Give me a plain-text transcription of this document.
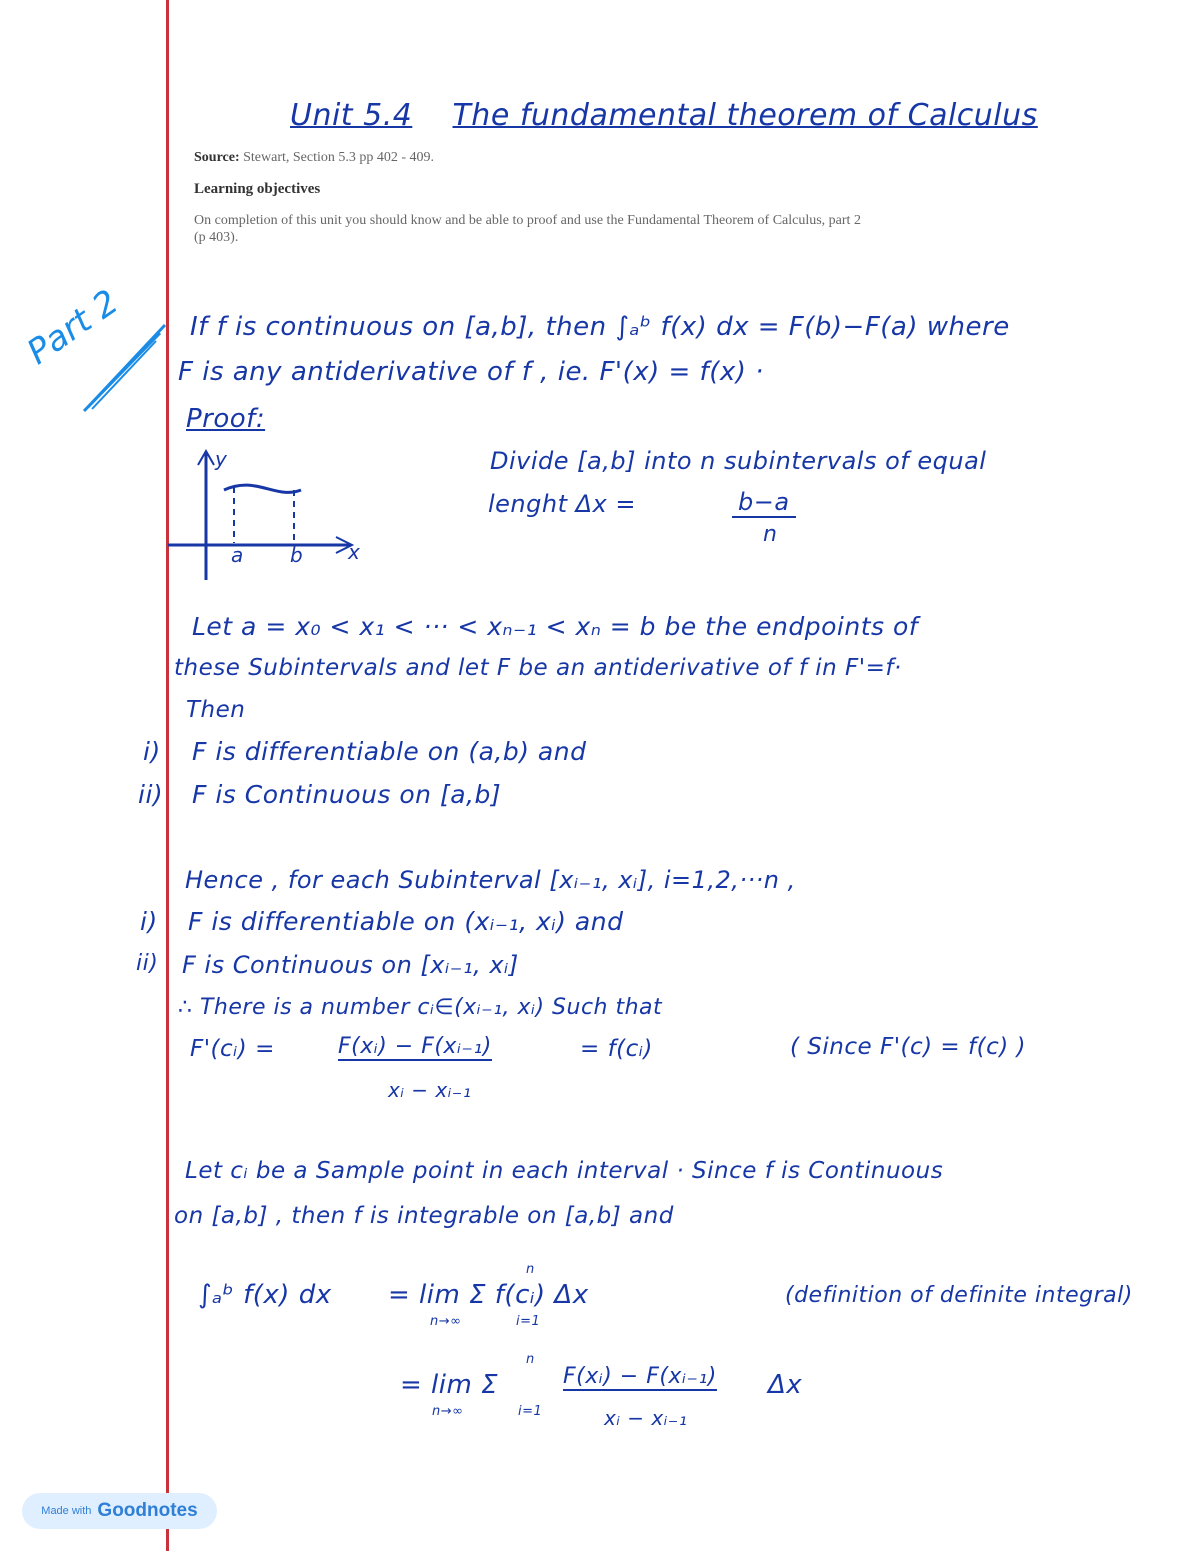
Unit 5.4 The fundamental theorem of Calculus
Source: Stewart, Section 5.3 pp 402 - 409.
Learning objectives
On completion of this unit you should know and be able to proof and use the Fundamental Theorem of Calculus, part 2 (p 403).
Part 2 If f is continuous on [a,b], then ∫ₐᵇ f(x) dx = F(b)−F(a) where
F is any antiderivative of f , ie. F'(x) = f(x) ·
Proof:
y
x
a b
Divide [a,b] into n subintervals of equal
lenght Δx =	b−a
n
Let a = x₀ < x₁ < ··· < xₙ₋₁ < xₙ = b be the endpoints of
these Subintervals and let F be an antiderivative of f in F'=f·
Then
i) F is differentiable on (a,b) and
ii) F is Continuous on [a,b]
Hence , for each Subinterval [xᵢ₋₁, xᵢ], i=1,2,···n ,
i) F is differentiable on (xᵢ₋₁, xᵢ) and
ii) F is Continuous on [xᵢ₋₁, xᵢ]
∴ There is a number cᵢ∈(xᵢ₋₁, xᵢ) Such that
F'(cᵢ) =	F(xᵢ) − F(xᵢ₋₁)
xᵢ − xᵢ₋₁
= f(cᵢ)	( Since F'(c) = f(c) )
Let cᵢ be a Sample point in each interval · Since f is Continuous
on [a,b] , then f is integrable on [a,b] and
∫ₐᵇ f(x) dx = lim Σ f(cᵢ) Δx
n→∞
n
i=1
(definition of definite integral)
= lim Σ
n→∞
n
i=1
F(xᵢ) − F(xᵢ₋₁)
xᵢ − xᵢ₋₁
Δx
Made with Goodnotes
